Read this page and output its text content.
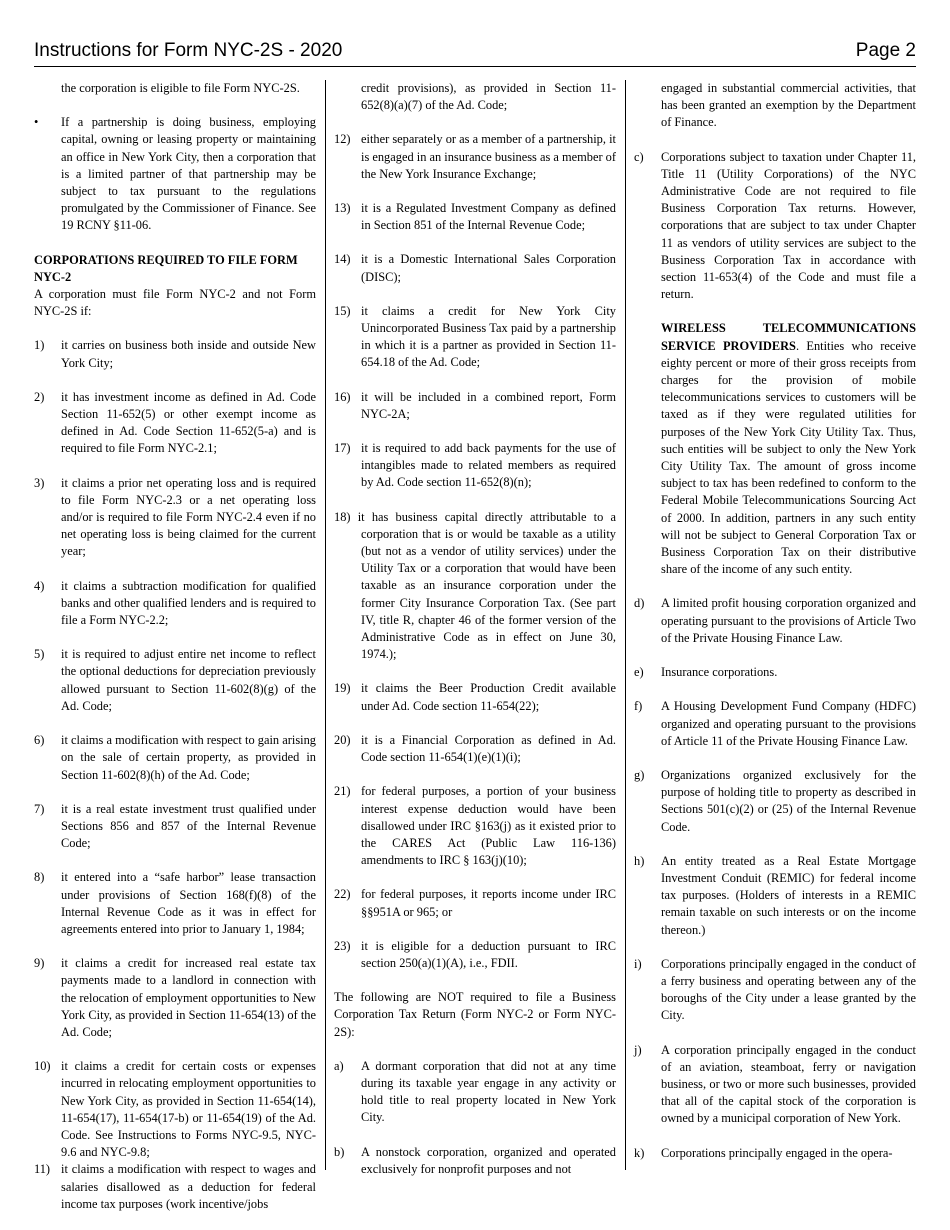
Instructions for Form NYC-2S - 2020	Page 2

the corporation is eligible to file Form NYC-2S.

•	If a partnership is doing business, employing capital, owning or leasing property or maintaining an office in New York City, then a corporation that is a limited partner of that partnership may be subject to tax pursuant to the regulations promulgated by the Commissioner of Finance. See 19 RCNY §11-06.

CORPORATIONS REQUIRED TO FILE FORM NYC-2

A corporation must file Form NYC-2 and not Form NYC-2S if:

1)	it carries on business both inside and outside New York City;
2)	it has investment income as defined in Ad. Code Section 11-652(5) or other exempt income as defined in Ad. Code Section 11-652(5-a) and is required to file Form NYC-2.1;
3)	it claims a prior net operating loss and is required to file Form NYC-2.3 or a net operating loss and/or is required to file Form NYC-2.4 even if no net operating loss is being claimed for the current year;
4)	it claims a subtraction modification for qualified banks and other qualified lenders and is required to file a Form NYC-2.2;
5)	it is required to adjust entire net income to reflect the optional deductions for depreciation previously allowed pursuant to Section 11-602(8)(g) of the Ad. Code;
6)	it claims a modification with respect to gain arising on the sale of certain property, as provided in Section 11-602(8)(h) of the Ad. Code;
7)	it is a real estate investment trust qualified under Sections 856 and 857 of the Internal Revenue Code;
8)	it entered into a “safe harbor” lease transaction under provisions of Section 168(f)(8) of the Internal Revenue Code as it was in effect for agreements entered into prior to January 1, 1984;
9)	it claims a credit for increased real estate tax payments made to a landlord in connection with the relocation of employment opportunities to New York City, as provided in Section 11-654(13) of the Ad. Code;
10) it claims a credit for certain costs or expenses incurred in relocating employment opportunities to New York City, as provided in Section 11-654(14), 11-654(17), 11-654(17-b) or 11-654(19) of the Ad. Code. See Instructions to Forms NYC-9.5, NYC-9.6 and NYC-9.8;
11) it claims a modification with respect to wages and salaries disallowed as a deduction for federal income tax purposes (work incentive/jobs

credit provisions), as provided in Section 11-652(8)(a)(7) of the Ad. Code;

12) either separately or as a member of a partnership, it is engaged in an insurance business as a member of the New York Insurance Exchange;
13) it is a Regulated Investment Company as defined in Section 851 of the Internal Revenue Code;
14) it is a Domestic International Sales Corporation (DISC);
15) it claims a credit for New York City Unincorporated Business Tax paid by a partnership in which it is a partner as provided in Section 11-654.18 of the Ad. Code;
16) it will be included in a combined report, Form NYC-2A;
17) it is required to add back payments for the use of intangibles made to related members as required by Ad. Code section 11-652(8)(n);

18) it has business capital directly attributable to a corporation that is or would be taxable as a utility (but not as a vendor of utility services) under the Utility Tax or a corporation that would have been taxable as an insurance corporation under the former City Insurance Corporation Tax. (See part IV, title R, chapter 46 of the former version of the Administrative Code as in effect on June 30, 1974.);

19) it claims the Beer Production Credit available under Ad. Code section 11-654(22);
20) it is a Financial Corporation as defined in Ad. Code section 11-654(1)(e)(1)(i);
21) for federal purposes, a portion of your business interest expense deduction would have been disallowed under IRC §163(j) as it existed prior to the CARES Act (Public Law 116-136) amendments to IRC § 163(j)(10);
22) for federal purposes, it reports income under IRC §§951A or 965; or
23) it is eligible for a deduction pursuant to IRC section 250(a)(1)(A), i.e., FDII.

The following are NOT required to file a Business Corporation Tax Return (Form NYC-2 or Form NYC-2S):

a)	A dormant corporation that did not at any time during its taxable year engage in any activity or hold title to real property located in New York City.
b)	A nonstock corporation, organized and operated exclusively for nonprofit purposes and not

engaged in substantial commercial activities, that has been granted an exemption by the Department of Finance.

c)	Corporations subject to taxation under Chapter 11, Title 11 (Utility Corporations) of the NYC Administrative Code are not required to file Business Corporation Tax returns. However, corporations that are subject to tax under Chapter 11 as vendors of utility services are subject to the Business Corporation Tax in accordance with section 11-653(4) of the Code and must file a return.

WIRELESS TELECOMMUNICATIONS SERVICE PROVIDERS. Entities who receive eighty percent or more of their gross receipts from charges for the provision of mobile telecommunications services to customers will be taxed as if they were regulated utilities for purposes of the New York City Utility Tax. Thus, such entities will be subject to only the New York City Utility Tax. The amount of gross income subject to tax has been redefined to conform to the Federal Mobile Telecommunications Sourcing Act of 2000. In addition, partners in any such entity will not be subject to General Corporation Tax or Business Corporation Tax on their distributive share of the income of any such entity.

d)	A limited profit housing corporation organized and operating pursuant to the provisions of Article Two of the Private Housing Finance Law.
e)	Insurance corporations.
f)	A Housing Development Fund Company (HDFC) organized and operating pursuant to the provisions of Article 11 of the Private Housing Finance Law.
g)	Organizations organized exclusively for the purpose of holding title to property as described in Sections 501(c)(2) or (25) of the Internal Revenue Code.
h)	An entity treated as a Real Estate Mortgage Investment Conduit (REMIC) for federal income tax purposes. (Holders of interests in a REMIC remain taxable on such interests or on the income thereon.)
i)	Corporations principally engaged in the conduct of a ferry business and operating between any of the boroughs of the City under a lease granted by the City.
j)	A corporation principally engaged in the conduct of an aviation, steamboat, ferry or navigation business, or two or more such businesses, provided that all of the capital stock of the corporation is owned by a municipal corporation of New York.
k)	Corporations principally engaged in the opera-
